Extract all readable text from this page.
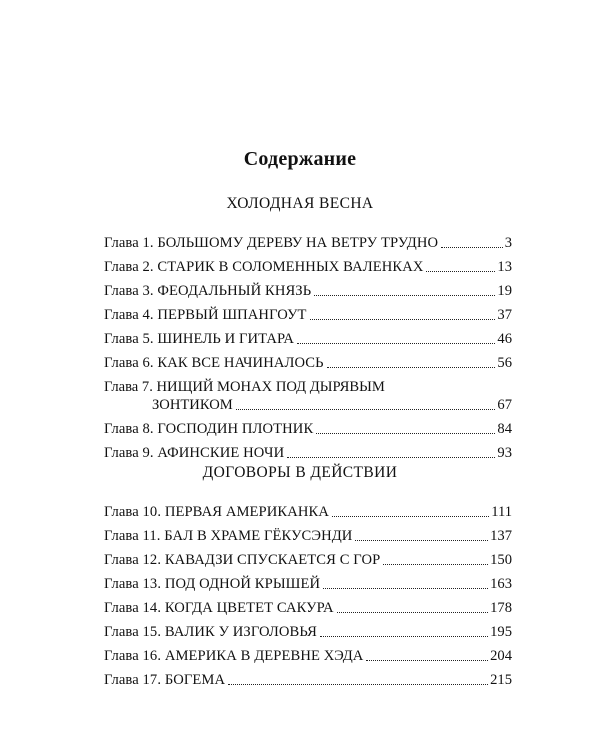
Содержание
ХОЛОДНАЯ ВЕСНА
Глава 1. БОЛЬШОМУ ДЕРЕВУ НА ВЕТРУ ТРУДНО	3
Глава 2. СТАРИК В СОЛОМЕННЫХ ВАЛЕНКАХ	13
Глава 3. ФЕОДАЛЬНЫЙ КНЯЗЬ	19
Глава 4. ПЕРВЫЙ ШПАНГОУТ	37
Глава 5. ШИНЕЛЬ И ГИТАРА	46
Глава 6. КАК ВСЕ НАЧИНАЛОСЬ	56
Глава 7. НИЩИЙ МОНАХ ПОД ДЫРЯВЫМ
ЗОНТИКОМ	67
Глава 8. ГОСПОДИН ПЛОТНИК	84
Глава 9. АФИНСКИЕ НОЧИ	93
ДОГОВОРЫ В ДЕЙСТВИИ
Глава 10. ПЕРВАЯ АМЕРИКАНКА	111
Глава 11. БАЛ В ХРАМЕ ГЁКУСЭНДИ	137
Глава 12. КАВАДЗИ СПУСКАЕТСЯ С ГОР	150
Глава 13. ПОД ОДНОЙ КРЫШЕЙ	163
Глава 14. КОГДА ЦВЕТЕТ САКУРА	178
Глава 15. ВАЛИК У ИЗГОЛОВЬЯ	195
Глава 16. АМЕРИКА В ДЕРЕВНЕ ХЭДА	204
Глава 17. БОГЕМА	215
